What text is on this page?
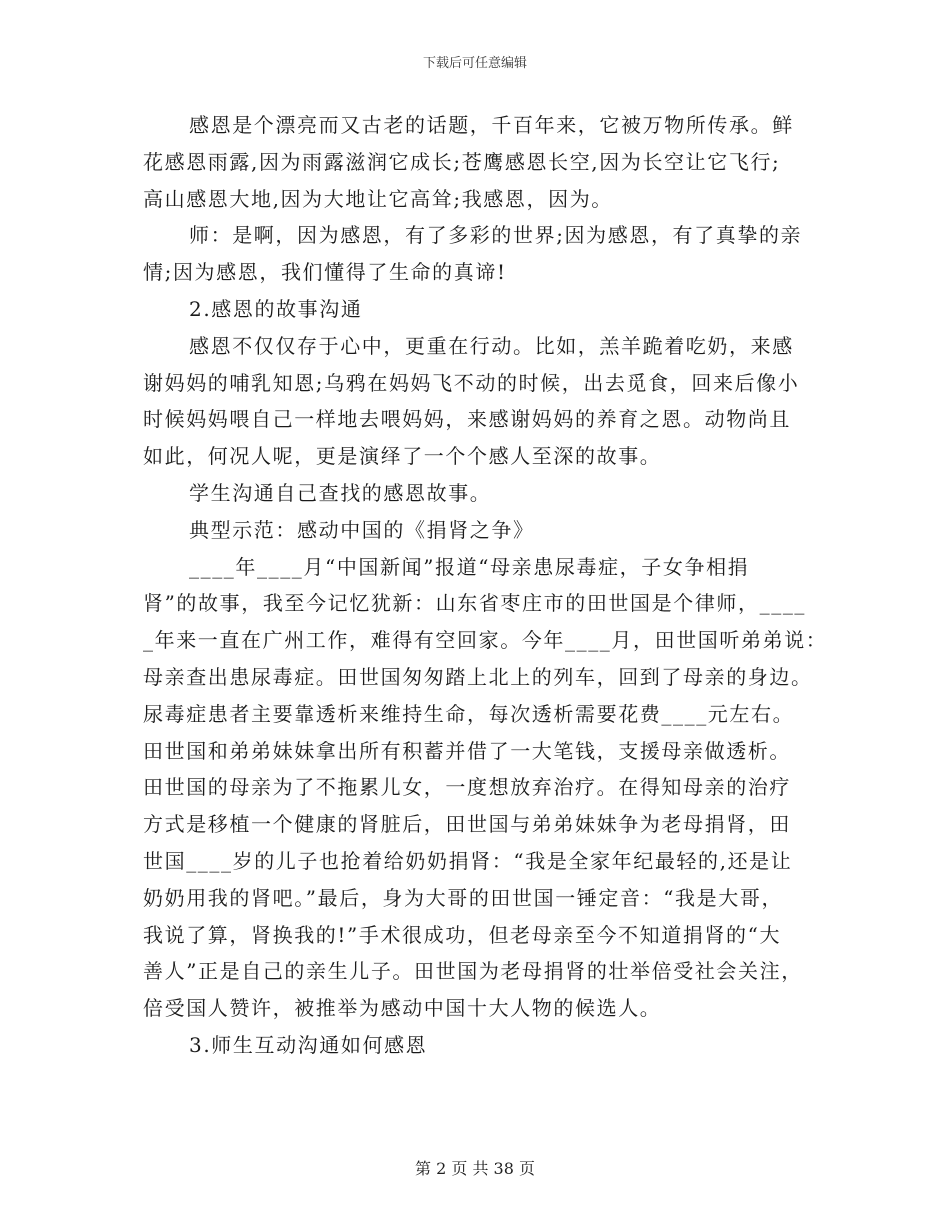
下载后可任意编辑
感恩是个漂亮而又古老的话题，千百年来，它被万物所传承。鲜
花感恩雨露,因为雨露滋润它成长;苍鹰感恩长空,因为长空让它飞行;
高山感恩大地,因为大地让它高耸;我感恩，因为。
师：是啊，因为感恩，有了多彩的世界;因为感恩，有了真挚的亲
情;因为感恩，我们懂得了生命的真谛!
2.感恩的故事沟通
感恩不仅仅存于心中，更重在行动。比如，羔羊跪着吃奶，来感
谢妈妈的哺乳知恩;乌鸦在妈妈飞不动的时候，出去觅食，回来后像小
时候妈妈喂自己一样地去喂妈妈，来感谢妈妈的养育之恩。动物尚且
如此，何况人呢，更是演绎了一个个感人至深的故事。
学生沟通自己查找的感恩故事。
典型示范：感动中国的《捐肾之争》
____年____月“中国新闻”报道“母亲患尿毒症，子女争相捐
肾”的故事，我至今记忆犹新：山东省枣庄市的田世国是个律师，____
_年来一直在广州工作，难得有空回家。今年____月，田世国听弟弟说：
母亲查出患尿毒症。田世国匆匆踏上北上的列车，回到了母亲的身边。
尿毒症患者主要靠透析来维持生命，每次透析需要花费____元左右。
田世国和弟弟妹妹拿出所有积蓄并借了一大笔钱，支援母亲做透析。
田世国的母亲为了不拖累儿女，一度想放弃治疗。在得知母亲的治疗
方式是移植一个健康的肾脏后，田世国与弟弟妹妹争为老母捐肾，田
世国____岁的儿子也抢着给奶奶捐肾：“我是全家年纪最轻的,还是让
奶奶用我的肾吧。”最后，身为大哥的田世国一锤定音：“我是大哥，
我说了算，肾换我的!”手术很成功，但老母亲至今不知道捐肾的“大
善人”正是自己的亲生儿子。田世国为老母捐肾的壮举倍受社会关注，
倍受国人赞许，被推举为感动中国十大人物的候选人。
3.师生互动沟通如何感恩
第 2 页 共 38 页
